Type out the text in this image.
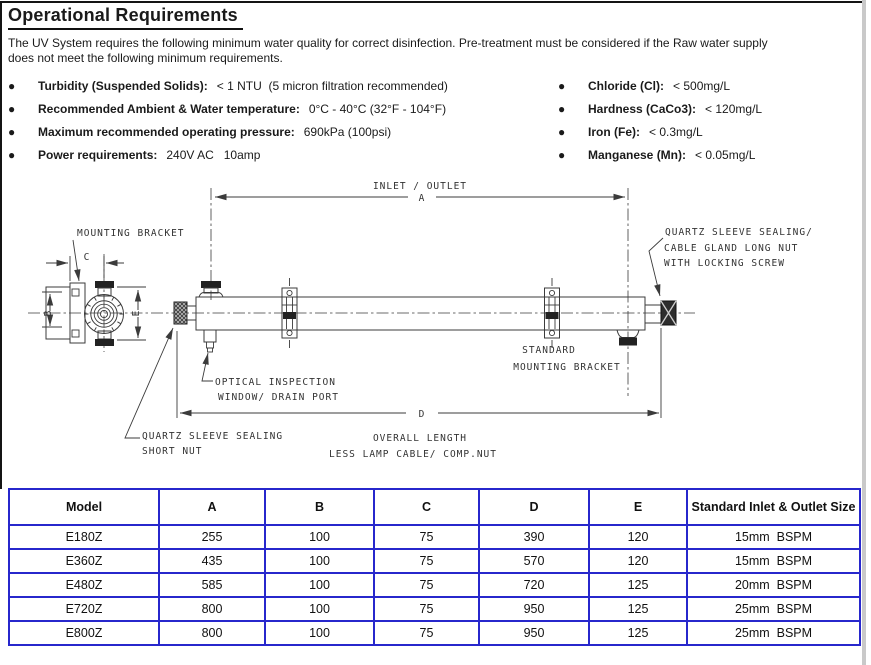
Operational Requirements
The UV System requires the following minimum water quality for correct disinfection. Pre-treatment must be considered if the Raw water supply
does not meet the following minimum requirements.
●	Turbidity (Suspended Solids): < 1 NTU  (5 micron filtration recommended)
●	Recommended Ambient & Water temperature: 0°C - 40°C (32°F - 104°F)
●	Maximum recommended operating pressure: 690kPa (100psi)
●	Power requirements: 240V AC   10amp
●	Chloride (Cl): < 500mg/L
●	Hardness (CaCo3): < 120mg/L
●	Iron (Fe): < 0.3mg/L
●	Manganese (Mn): < 0.05mg/L
INLET / OUTLET
A
B
C
E
MOUNTING BRACKET	QUARTZ SLEEVE SEALING/
CABLE GLAND LONG NUT
WITH LOCKING SCREW
STANDARD
MOUNTING BRACKET
OPTICAL INSPECTION
WINDOW/ DRAIN PORT
QUARTZ SLEEVE SEALING
SHORT NUT
D
OVERALL LENGTH
LESS LAMP CABLE/ COMP.NUT
Model	A	B	C	D	E	Standard Inlet & Outlet Size
E180Z	255	100	75	390	120	15mm  BSPM
E360Z	435	100	75	570	120	15mm  BSPM
E480Z	585	100	75	720	125	20mm  BSPM
E720Z	800	100	75	950	125	25mm  BSPM
E800Z	800	100	75	950	125	25mm  BSPM
